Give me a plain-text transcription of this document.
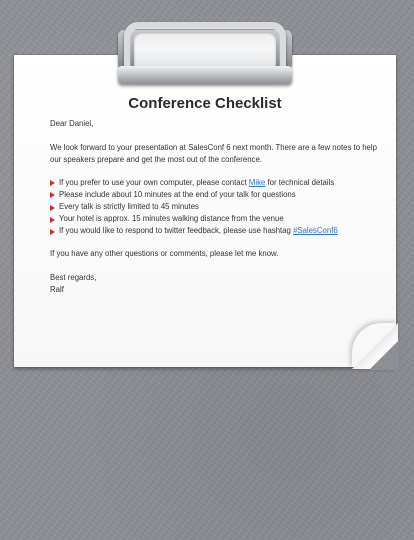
Conference Checklist

Dear Daniel,

We look forward to your presentation at SalesConf 6 next month. There are a few notes to help our speakers prepare and get the most out of the conference.

If you prefer to use your own computer, please contact Mike for technical details
Please include about 10 minutes at the end of your talk for questions
Every talk is strictly limited to 45 minutes
Your hotel is approx. 15 minutes walking distance from the venue
If you would like to respond to twitter feedback, please use hashtag #SalesConf6

If you have any other questions or comments, please let me know.

Best regards,
Ralf
